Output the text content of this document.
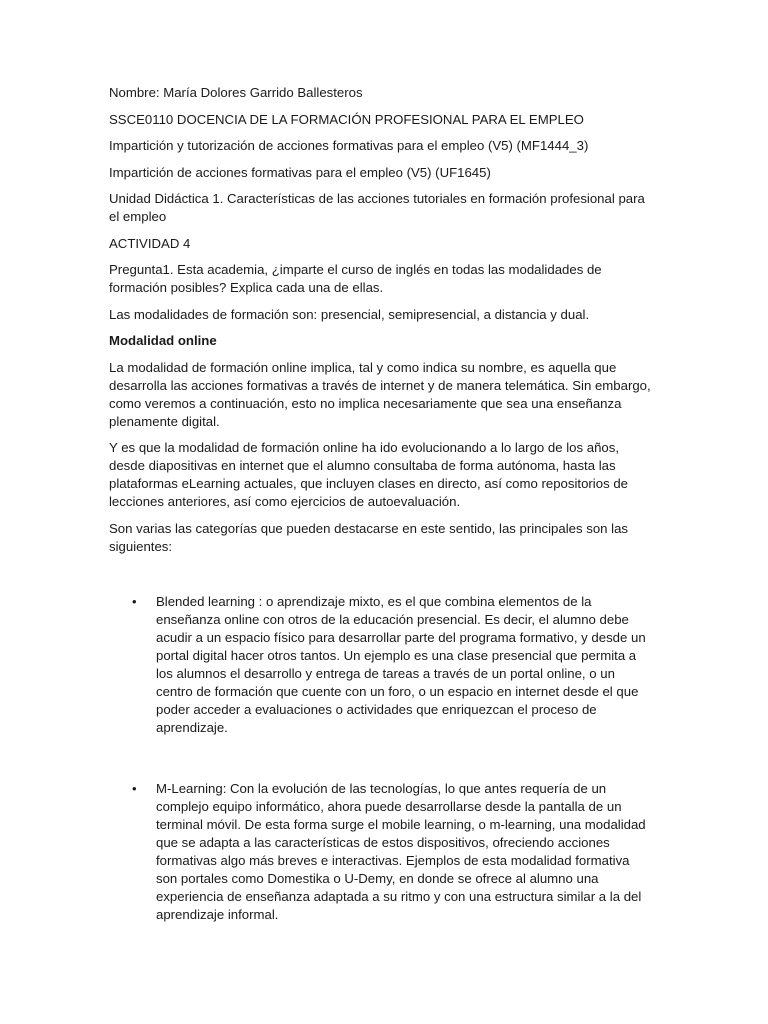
Nombre: María Dolores Garrido Ballesteros

SSCE0110 DOCENCIA DE LA FORMACIÓN PROFESIONAL PARA EL EMPLEO

Impartición y tutorización de acciones formativas para el empleo (V5) (MF1444_3)

Impartición de acciones formativas para el empleo (V5) (UF1645)

Unidad Didáctica 1. Características de las acciones tutoriales en formación profesional para el empleo

ACTIVIDAD 4

Pregunta1. Esta academia, ¿imparte el curso de inglés en todas las modalidades de formación posibles? Explica cada una de ellas.

Las modalidades de formación son: presencial, semipresencial, a distancia y dual.

Modalidad online

La modalidad de formación online implica, tal y como indica su nombre, es aquella que desarrolla las acciones formativas a través de internet y de manera telemática. Sin embargo, como veremos a continuación, esto no implica necesariamente que sea una enseñanza plenamente digital.

Y es que la modalidad de formación online ha ido evolucionando a lo largo de los años, desde diapositivas en internet que el alumno consultaba de forma autónoma, hasta las plataformas eLearning actuales, que incluyen clases en directo, así como repositorios de lecciones anteriores, así como ejercicios de autoevaluación.

Son varias las categorías que pueden destacarse en este sentido, las principales son las siguientes:

• Blended learning : o aprendizaje mixto, es el que combina elementos de la enseñanza online con otros de la educación presencial. Es decir, el alumno debe acudir a un espacio físico para desarrollar parte del programa formativo, y desde un portal digital hacer otros tantos. Un ejemplo es una clase presencial que permita a los alumnos el desarrollo y entrega de tareas a través de un portal online, o un centro de formación que cuente con un foro, o un espacio en internet desde el que poder acceder a evaluaciones o actividades que enriquezcan el proceso de aprendizaje.
• M-Learning: Con la evolución de las tecnologías, lo que antes requería de un complejo equipo informático, ahora puede desarrollarse desde la pantalla de un terminal móvil. De esta forma surge el mobile learning, o m-learning, una modalidad que se adapta a las características de estos dispositivos, ofreciendo acciones formativas algo más breves e interactivas. Ejemplos de esta modalidad formativa son portales como Domestika o U-Demy, en donde se ofrece al alumno una experiencia de enseñanza adaptada a su ritmo y con una estructura similar a la del aprendizaje informal.
